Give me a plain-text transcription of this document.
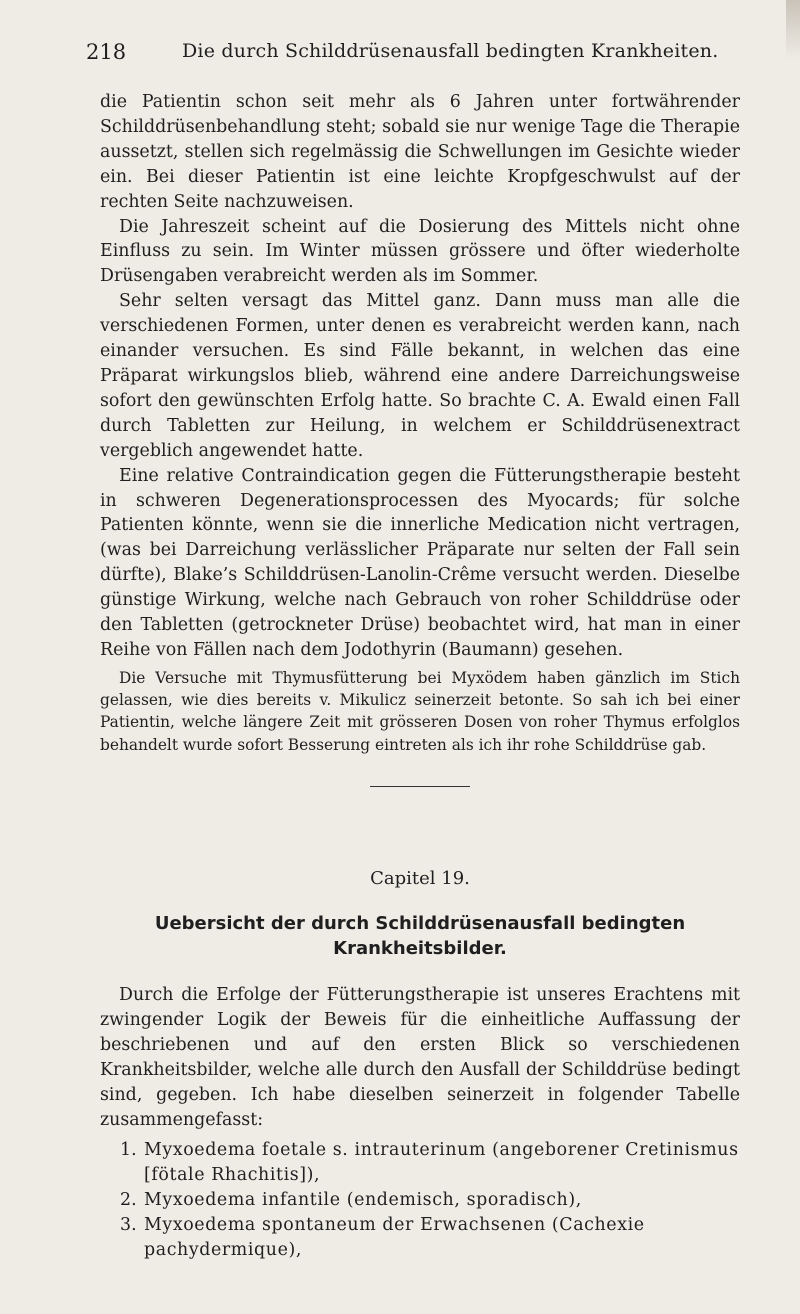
218	Die durch Schilddrüsenausfall bedingten Krankheiten.

die Patientin schon seit mehr als 6 Jahren unter fortwährender Schilddrüsenbehandlung steht; sobald sie nur wenige Tage die Therapie aussetzt, stellen sich regelmässig die Schwellungen im Gesichte wieder ein. Bei dieser Patientin ist eine leichte Kropfgeschwulst auf der rechten Seite nachzuweisen.

Die Jahreszeit scheint auf die Dosierung des Mittels nicht ohne Einfluss zu sein. Im Winter müssen grössere und öfter wiederholte Drüsengaben verabreicht werden als im Sommer.

Sehr selten versagt das Mittel ganz. Dann muss man alle die verschiedenen Formen, unter denen es verabreicht werden kann, nach einander versuchen. Es sind Fälle bekannt, in welchen das eine Präparat wirkungslos blieb, während eine andere Darreichungsweise sofort den gewünschten Erfolg hatte. So brachte C. A. Ewald einen Fall durch Tabletten zur Heilung, in welchem er Schilddrüsenextract vergeblich angewendet hatte.

Eine relative Contraindication gegen die Fütterungstherapie besteht in schweren Degenerationsprocessen des Myocards; für solche Patienten könnte, wenn sie die innerliche Medication nicht vertragen, (was bei Darreichung verlässlicher Präparate nur selten der Fall sein dürfte), Blake’s Schilddrüsen-Lanolin-Crême versucht werden. Dieselbe günstige Wirkung, welche nach Gebrauch von roher Schilddrüse oder den Tabletten (getrockneter Drüse) beobachtet wird, hat man in einer Reihe von Fällen nach dem Jodothyrin (Baumann) gesehen.

Die Versuche mit Thymusfütterung bei Myxödem haben gänzlich im Stich gelassen, wie dies bereits v. Mikulicz seinerzeit betonte. So sah ich bei einer Patientin, welche längere Zeit mit grösseren Dosen von roher Thymus erfolglos behandelt wurde sofort Besserung eintreten als ich ihr rohe Schilddrüse gab.

Capitel 19.
Uebersicht der durch Schilddrüsenausfall bedingten
Krankheitsbilder.

Durch die Erfolge der Fütterungstherapie ist unseres Erachtens mit zwingender Logik der Beweis für die einheitliche Auffassung der beschriebenen und auf den ersten Blick so verschiedenen Krankheitsbilder, welche alle durch den Ausfall der Schilddrüse bedingt sind, gegeben. Ich habe dieselben seinerzeit in folgender Tabelle zusammengefasst:

1. Myxoedema foetale s. intrauterinum (angeborener Cretinismus [fötale Rhachitis]),
2. Myxoedema infantile (endemisch, sporadisch),
3. Myxoedema spontaneum der Erwachsenen (Cachexie pachydermique),
